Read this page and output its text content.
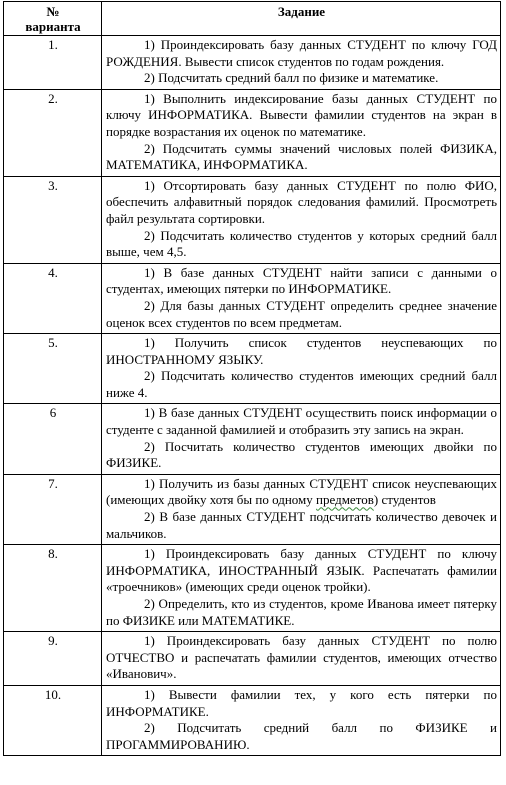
№
варианта	Задание
1.	1) Проиндексировать базу данных СТУДЕНТ по ключу ГОД РОЖДЕНИЯ. Вывести список студентов по годам рождения.

2) Подсчитать средний балл по физике и математике.

2.	1) Выполнить индексирование базы данных СТУДЕНТ по ключу ИНФОРМАТИКА. Вывести фамилии студентов на экран в порядке возрастания их оценок по математике.

2) Подсчитать суммы значений числовых полей ФИЗИКА, МАТЕМАТИКА, ИНФОРМАТИКА.

3.	1) Отсортировать базу данных СТУДЕНТ по полю ФИО, обеспечить алфавитный порядок следования фамилий. Просмотреть файл результата сортировки.

2) Подсчитать количество студентов у которых средний балл выше, чем 4,5.

4.	1) В базе данных СТУДЕНТ найти записи с данными о студентах, имеющих пятерки по ИНФОРМАТИКЕ.

2) Для базы данных СТУДЕНТ определить среднее значение оценок всех студентов по всем предметам.

5.	1) Получить список студентов неуспевающих по ИНОСТРАННОМУ ЯЗЫКУ.

2) Подсчитать количество студентов имеющих средний балл ниже 4.

6	1) В базе данных СТУДЕНТ осуществить поиск информации о студенте с заданной фамилией и отобразить эту запись на экран.

2) Посчитать количество студентов имеющих двойки по ФИЗИКЕ.

7.	1) Получить из базы данных СТУДЕНТ список неуспевающих (имеющих двойку хотя бы по одному предметов) студентов

2) В базе данных СТУДЕНТ подсчитать количество девочек и мальчиков.

8.	1) Проиндексировать базу данных СТУДЕНТ по ключу ИНФОРМАТИКА, ИНОСТРАННЫЙ ЯЗЫК. Распечатать фамилии «троечников» (имеющих среди оценок тройки).

2) Определить, кто из студентов, кроме Иванова имеет пятерку по ФИЗИКЕ или МАТЕМАТИКЕ.

9.	1) Проиндексировать базу данных СТУДЕНТ по полю ОТЧЕСТВО и распечатать фамилии студентов, имеющих отчество «Иванович».

10.	1) Вывести фамилии тех, у кого есть пятерки по ИНФОРМАТИКЕ.

2) Подсчитать средний балл по ФИЗИКЕ и ПРОГАММИРОВАНИЮ.
